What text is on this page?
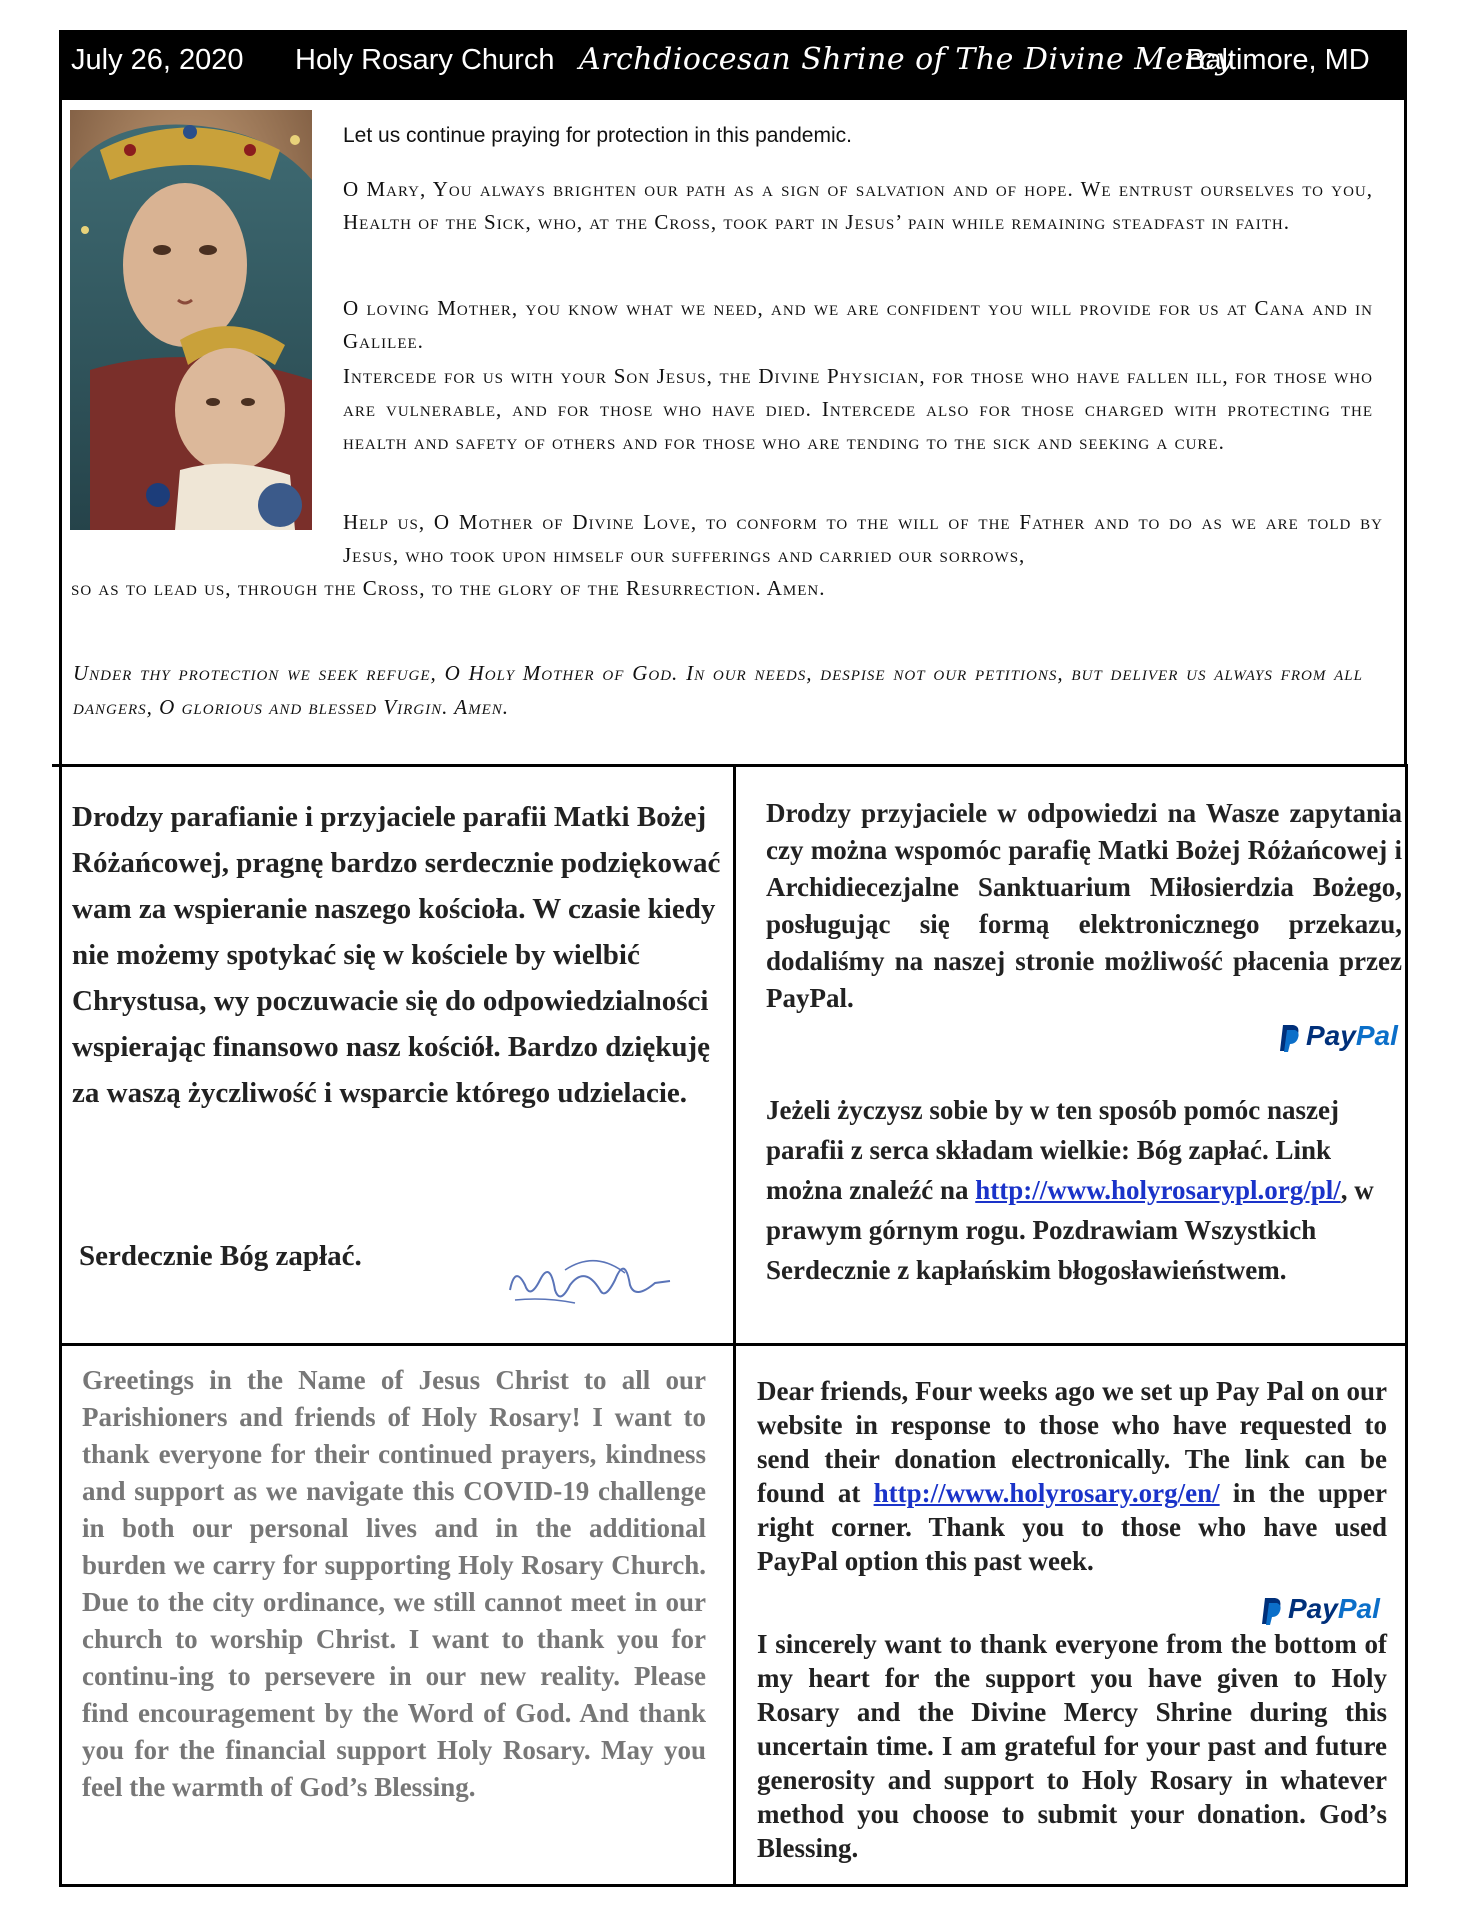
July 26, 2020 Holy Rosary Church Archdiocesan Shrine of The Divine Mercy
Baltimore, MD
Let us continue praying for protection in this pandemic.

O Mary, You always brighten our path as a sign of salvation and of hope. We entrust ourselves to you, Health of the Sick, who, at the Cross, took part in Jesus’ pain while remaining steadfast in faith.

O loving Mother, you know what we need, and we are confident you will provide for us at Cana and in Galilee.

Intercede for us with your Son Jesus, the Divine Physician, for those who have fallen ill, for those who are vulnerable, and for those who have died. Intercede also for those charged with protecting the health and safety of others and for those who are tending to the sick and seeking a cure.

Help us, O Mother of Divine Love, to conform to the will of the Father and to do as we are told by Jesus, who took upon himself our sufferings and carried our sorrows,

so as to lead us, through the Cross, to the glory of the Resurrection. Amen.

Under thy protection we seek refuge, O Holy Mother of God. In our needs, despise not our petitions, but deliver us always from all dangers, O glorious and blessed Virgin. Amen.
Drodzy parafianie i przyjaciele parafii Matki Bożej Różańcowej, pragnę bardzo serdecznie podziękować wam za wspieranie naszego kościoła. W czasie kiedy nie możemy spotykać się w kościele by wielbić Chrystusa, wy poczuwacie się do odpowiedzialności wspierając finansowo nasz kościół. Bardzo dziękuję za waszą życzliwość i wsparcie którego udzielacie.
Serdecznie Bóg zapłać.
Drodzy przyjaciele w odpowiedzi na Wasze zapytania czy można wspomóc parafię Matki Bożej Różańcowej i Archidiecezjalne Sanktuarium Miłosierdzia Bożego, posługując się formą elektronicznego przekazu, dodaliśmy na naszej stronie możliwość płacenia przez PayPal.
PayPal
Jeżeli życzysz sobie by w ten sposób pomóc naszej parafii z serca składam wielkie: Bóg zapłać. Link można znaleźć na http://www.holyrosarypl.org/pl/, w prawym górnym rogu. Pozdrawiam Wszystkich Serdecznie z kapłańskim błogosławieństwem.
Greetings in the Name of Jesus Christ to all our Parishioners and friends of Holy Rosary! I want to thank everyone for their continued prayers, kindness and support as we navigate this COVID-19 challenge in both our personal lives and in the additional burden we carry for supporting Holy Rosary Church. Due to the city ordinance, we still cannot meet in our church to worship Christ. I want to thank you for continu-ing to persevere in our new reality. Please find encouragement by the Word of God. And thank you for the financial support Holy Rosary. May you feel the warmth of God’s Blessing.
Dear friends, Four weeks ago we set up Pay Pal on our website in response to those who have requested to send their donation electronically. The link can be found at http://www.holyrosary.org/en/ in the upper right corner. Thank you to those who have used PayPal option this past week.
PayPal
I sincerely want to thank everyone from the bottom of my heart for the support you have given to Holy Rosary and the Divine Mercy Shrine during this uncertain time. I am grateful for your past and future generosity and support to Holy Rosary in whatever method you choose to submit your donation. God’s Blessing.
